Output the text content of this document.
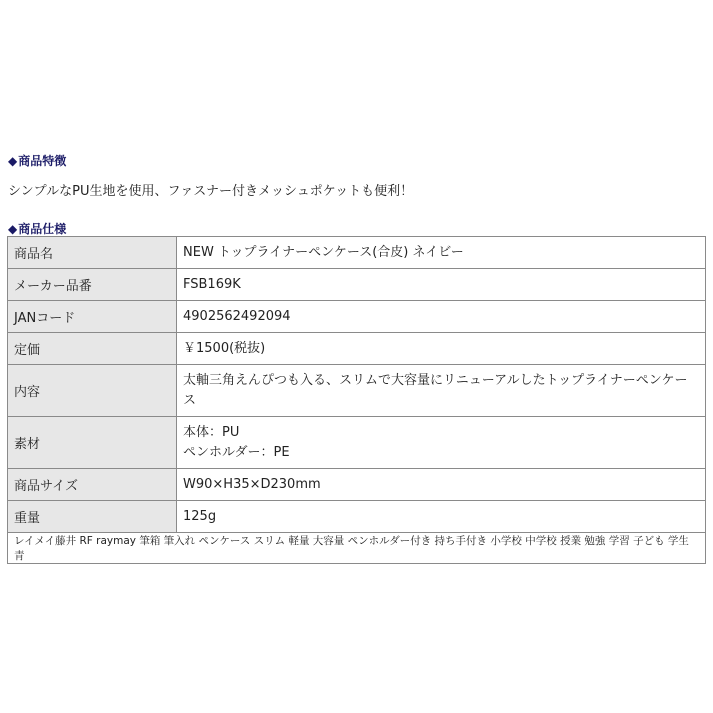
◆商品特徴
シンプルなPU生地を使用、ファスナー付きメッシュポケットも便利！
◆商品仕様
商品名	NEW トップライナーペンケース(合皮) ネイビー

メーカー品番	FSB169K

JANコード	4902562492094

定価	￥1500(税抜)

内容	太軸三角えんぴつも入る、スリムで大容量にリニューアルしたトップライナーペンケー
ス

素材	本体：PU
ペンホルダー：PE

商品サイズ	W90×H35×D230mm

重量	125g

レイメイ藤井 RF raymay 筆箱 筆入れ ペンケース スリム 軽量 大容量 ペンホルダー付き 持ち手付き 小学校 中学校 授業 勉強 学習 子ども 学生 青	
